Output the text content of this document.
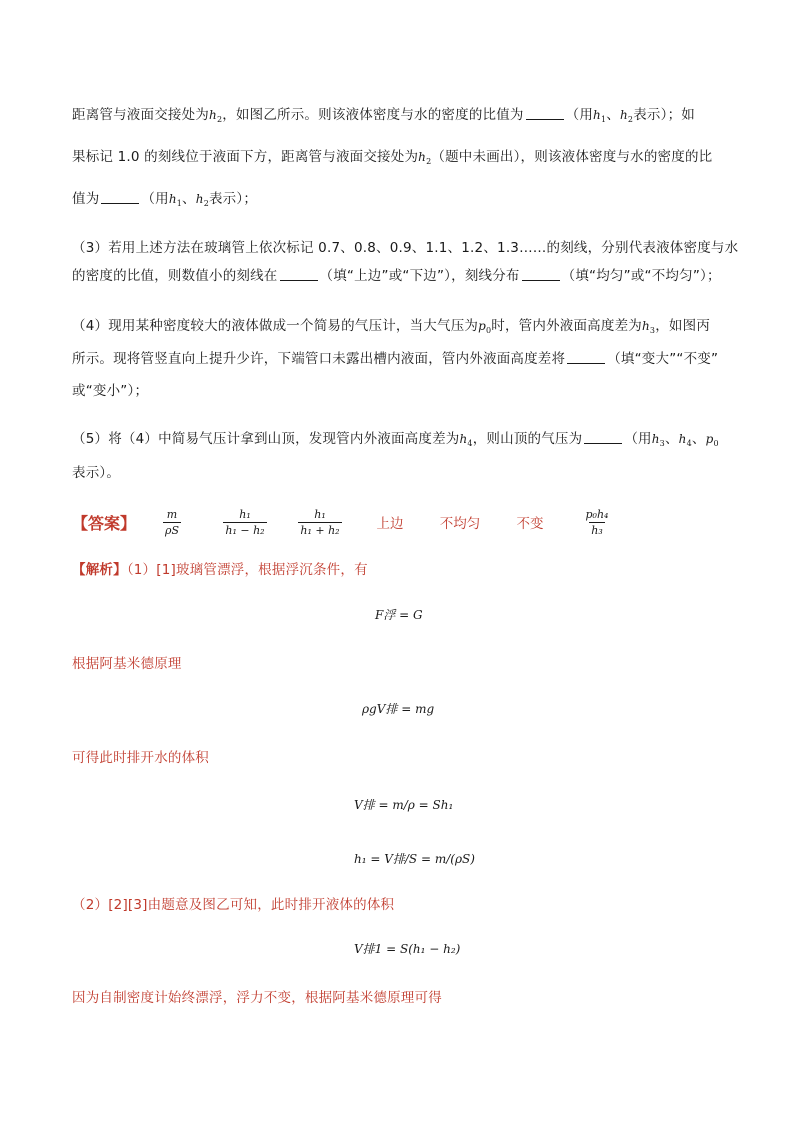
距离管与液面交接处为$h_2$，如图乙所示。则该液体密度与水的密度的比值为	（用$h_1$、$h_2$表示）；如
果标记 1.0 的刻线位于液面下方，距离管与液面交接处为$h_2$（题中未画出），则该液体密度与水的密度的比
值为	（用$h_1$、$h_2$表示）；
（3）若用上述方法在玻璃管上依次标记 0.7、0.8、0.9、1.1、1.2、1.3……的刻线，分别代表液体密度与水
的密度的比值，则数值小的刻线在	（填“上边”或“下边”），刻线分布	（填“均匀”或“不均匀”）；
（4）现用某种密度较大的液体做成一个简易的气压计，当大气压为$p_0$时，管内外液面高度差为$h_3$，如图丙
所示。现将管竖直向上提升少许，下端管口未露出槽内液面，管内外液面高度差将	（填“变大”“不变”
或“变小”）；
（5）将（4）中简易气压计拿到山顶，发现管内外液面高度差为$h_4$，则山顶的气压为	（用$h_3$、$h_4$、$p_0$
表示）。
【答案】 $\frac{m}{\rho S}$	$\frac{\text{h₁}}{\text{h₁ − h₂}}$	$\frac{\text{h₁}}{\text{h₁ + h₂}}$	上边	不均匀	不变	$\frac{\text{p₀h₄}}{\text{h₃}}$
【解析】（1）[1]玻璃管漂浮，根据浮沉条件，有
F浮 = G
根据阿基米德原理
ρgV排 = mg
可得此时排开水的体积
V排 = m/ρ = Sh₁
h₁ = V排/S = m/(ρS)
（2）[2][3]由题意及图乙可知，此时排开液体的体积
V排1 = S(h₁ − h₂)
因为自制密度计始终漂浮，浮力不变，根据阿基米德原理可得
